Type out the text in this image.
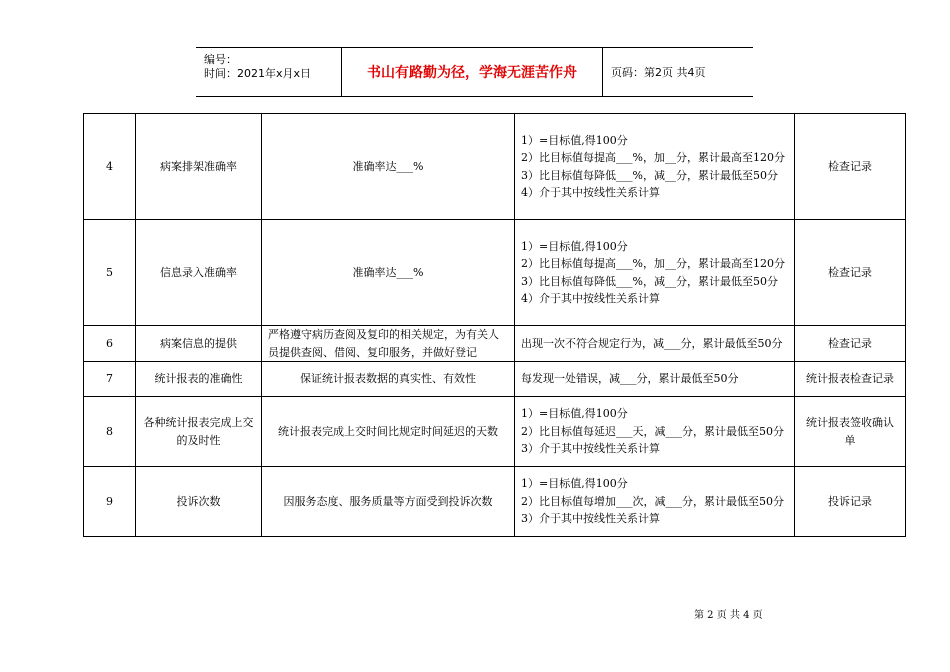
编号：
时间：2021年x月x日	书山有路勤为径，学海无涯苦作舟	页码：第2页 共4页
4	病案排架准确率	准确率达___%	1）=目标值,得100分
2）比目标值每提高___%，加__分，累计最高至120分
3）比目标值每降低___%，减__分，累计最低至50分
4）介于其中按线性关系计算	检查记录
5	信息录入准确率	准确率达___%	1）=目标值,得100分
2）比目标值每提高___%，加__分，累计最高至120分
3）比目标值每降低___%，减__分，累计最低至50分
4）介于其中按线性关系计算	检查记录
6	病案信息的提供	严格遵守病历查阅及复印的相关规定，为有关人员提供查阅、借阅、复印服务，并做好登记	出现一次不符合规定行为，减___分，累计最低至50分	检查记录
7	统计报表的准确性	保证统计报表数据的真实性、有效性	每发现一处错误，减___分，累计最低至50分	统计报表检查记录
8	各种统计报表完成上交的及时性	统计报表完成上交时间比规定时间延迟的天数	1）=目标值,得100分
2）比目标值每延迟___天，减___分，累计最低至50分
3）介于其中按线性关系计算	统计报表签收确认单
9	投诉次数	因服务态度、服务质量等方面受到投诉次数	1）=目标值,得100分
2）比目标值每增加___次，减___分，累计最低至50分
3）介于其中按线性关系计算	投诉记录
第 2 页 共 4 页
